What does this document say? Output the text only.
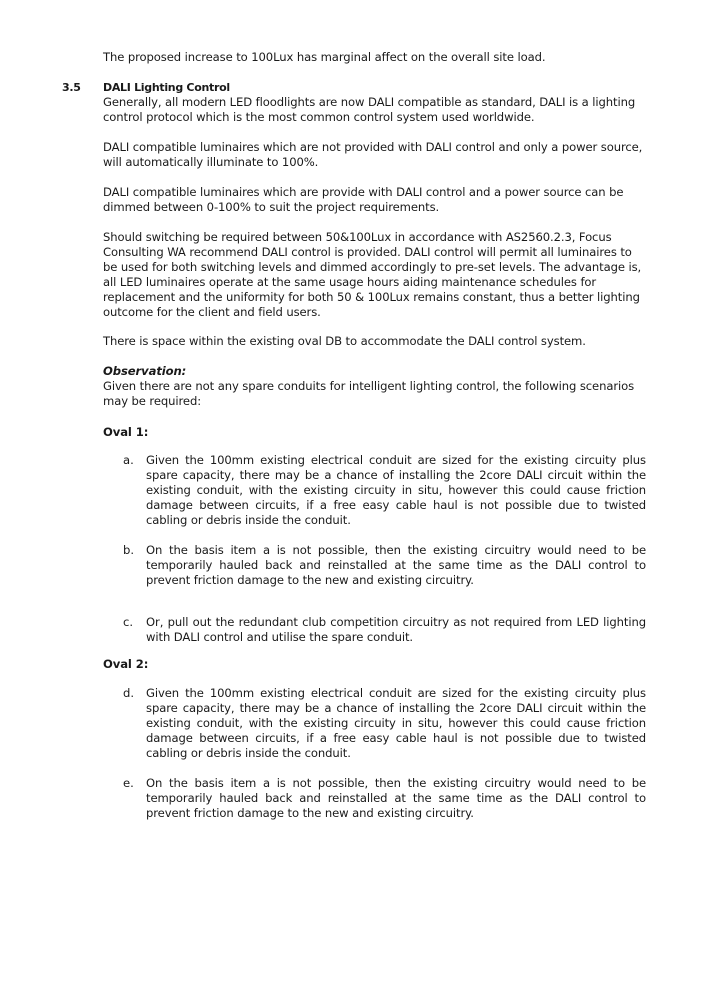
The proposed increase to 100Lux has marginal affect on the overall site load.

3.5 DALI Lighting Control

Generally, all modern LED floodlights are now DALI compatible as standard, DALI is a lighting control protocol which is the most common control system used worldwide.

DALI compatible luminaires which are not provided with DALI control and only a power source, will automatically illuminate to 100%.

DALI compatible luminaires which are provide with DALI control and a power source can be dimmed between 0-100% to suit the project requirements.

Should switching be required between 50&100Lux in accordance with AS2560.2.3, Focus Consulting WA recommend DALI control is provided. DALI control will permit all luminaires to be used for both switching levels and dimmed accordingly to pre-set levels. The advantage is, all LED luminaires operate at the same usage hours aiding maintenance schedules for replacement and the uniformity for both 50 & 100Lux remains constant, thus a better lighting outcome for the client and field users.

There is space within the existing oval DB to accommodate the DALI control system.

Observation:

Given there are not any spare conduits for intelligent lighting control, the following scenarios may be required:

Oval 1:

a. Given the 100mm existing electrical conduit are sized for the existing circuity plus spare capacity, there may be a chance of installing the 2core DALI circuit within the existing conduit, with the existing circuity in situ, however this could cause friction damage between circuits, if a free easy cable haul is not possible due to twisted cabling or debris inside the conduit.

b. On the basis item a is not possible, then the existing circuitry would need to be temporarily hauled back and reinstalled at the same time as the DALI control to prevent friction damage to the new and existing circuitry.

c. Or, pull out the redundant club competition circuitry as not required from LED lighting with DALI control and utilise the spare conduit.

Oval 2:

d. Given the 100mm existing electrical conduit are sized for the existing circuity plus spare capacity, there may be a chance of installing the 2core DALI circuit within the existing conduit, with the existing circuity in situ, however this could cause friction damage between circuits, if a free easy cable haul is not possible due to twisted cabling or debris inside the conduit.

e. On the basis item a is not possible, then the existing circuitry would need to be temporarily hauled back and reinstalled at the same time as the DALI control to prevent friction damage to the new and existing circuitry.
